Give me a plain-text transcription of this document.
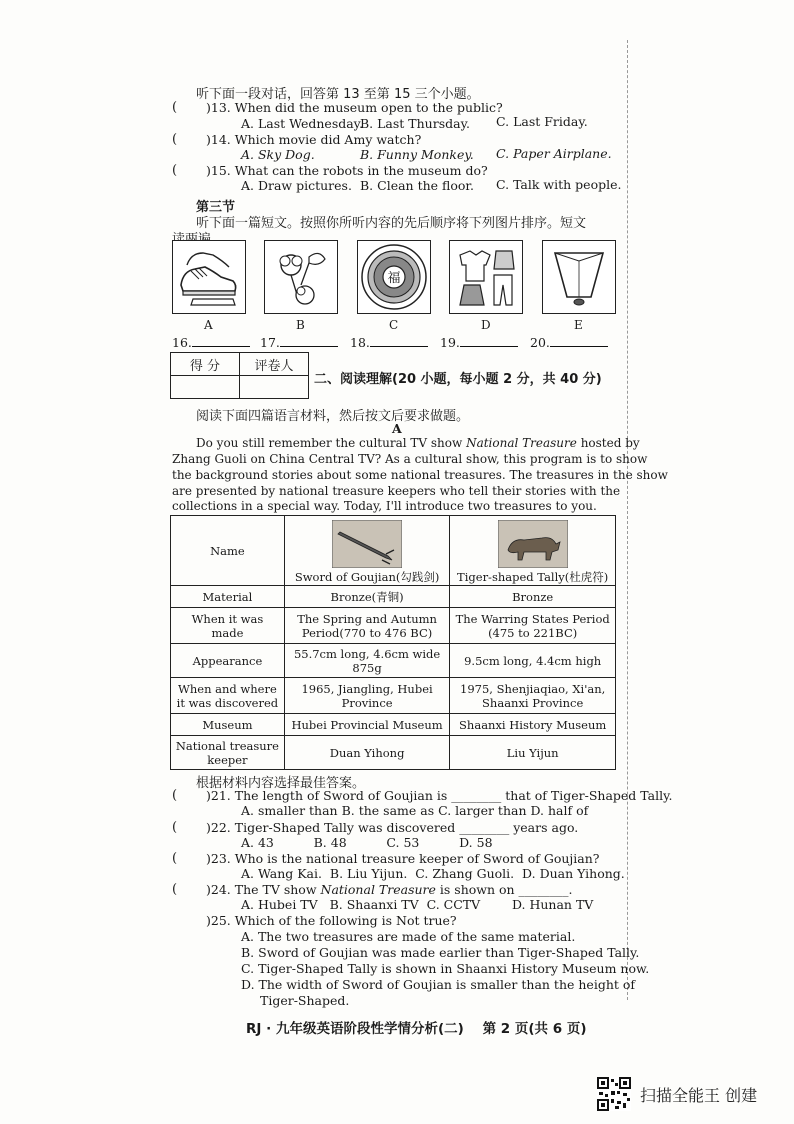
听下面一段对话，回答第 13 至第 15 三个小题。
( )13. When did the museum open to the public?
A. Last Wednesday.
B. Last Thursday. C. Last Friday.
( )14. Which movie did Amy watch?
A. Sky Dog.	B. Funny Monkey. C. Paper Airplane.
( )15. What can the robots in the museum do?
A. Draw pictures. B. Clean the floor. C. Talk with people.
第三节
听下面一篇短文。按照你所听内容的先后顺序将下列图片排序。短文
福
A	B	C	D	E
16.	17.	18.	19.	20.
得 分	评卷人

二、阅读理解(20 小题，每小题 2 分，共 40 分)
阅读下面四篇语言材料，然后按文后要求做题。
A
Do you still remember the cultural TV show National Treasure hosted by
Zhang Guoli on China Central TV? As a cultural show, this program is to show
the background stories about some national treasures. The treasures in the show
are presented by national treasure keepers who tell their stories with the
collections in a special way. Today, I'll introduce two treasures to you.
Name	Sword of Goujian(勾践剑)	Tiger-shaped Tally(杜虎符)
Material	Bronze(青铜)	Bronze
When it was made	The Spring and Autumn Period(770 to 476 BC)	The Warring States Period (475 to 221BC)
Appearance	55.7cm long, 4.6cm wide 875g	9.5cm long, 4.4cm high
When and where it was discovered	1965, Jiangling, Hubei Province	1975, Shenjiaqiao, Xi'an, Shaanxi Province
Museum	Hubei Provincial Museum	Shaanxi History Museum
National treasure keeper	Duan Yihong	Liu Yijun
根据材料内容选择最佳答案。
( )21. The length of Sword of Goujian is ________ that of Tiger-Shaped Tally.
A. smaller than B. the same as C. larger than D. half of
( )22. Tiger-Shaped Tally was discovered ________ years ago.
A. 43          B. 48          C. 53          D. 58
( )23. Who is the national treasure keeper of Sword of Goujian?
A. Wang Kai.  B. Liu Yijun.  C. Zhang Guoli.  D. Duan Yihong.
( )24. The TV show National Treasure is shown on ________.
A. Hubei TV   B. Shaanxi TV  C. CCTV        D. Hunan TV
)25. Which of the following is Not true?
A. The two treasures are made of the same material.
B. Sword of Goujian was made earlier than Tiger-Shaped Tally.
C. Tiger-Shaped Tally is shown in Shaanxi History Museum now.
D. The width of Sword of Goujian is smaller than the height of
Tiger-Shaped.
RJ · 九年级英语阶段性学情分析(二)    第 2 页(共 6 页)
扫描全能王 创建
